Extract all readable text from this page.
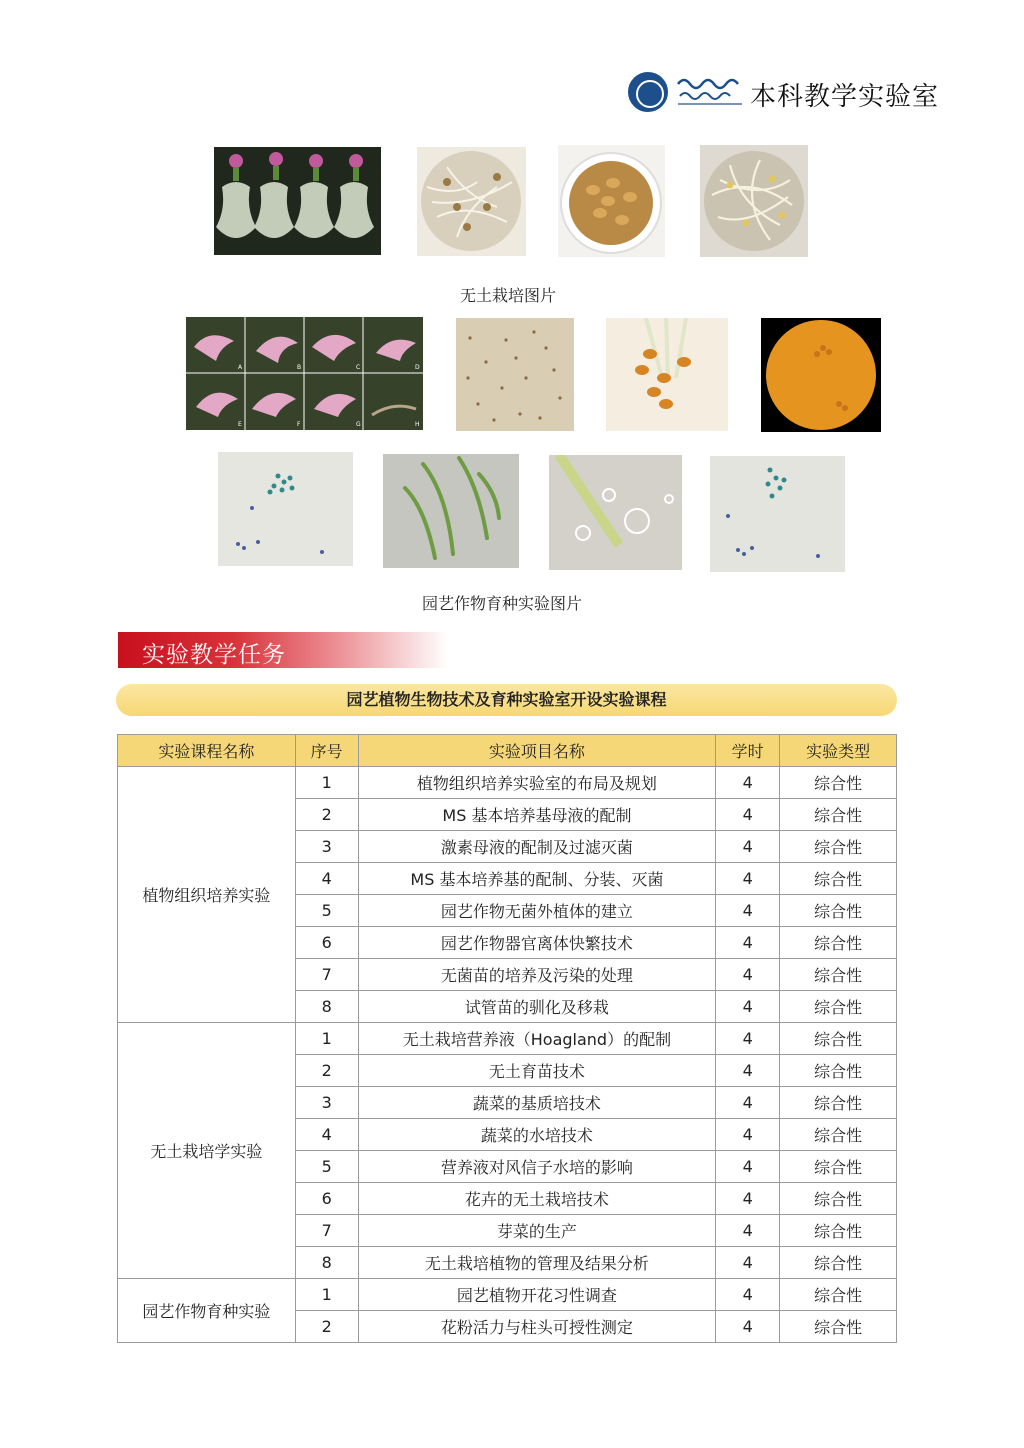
本科教学实验室
无土栽培图片
A	B	C	D
E	F	G	H
园艺作物育种实验图片
实验教学任务
园艺植物生物技术及育种实验室开设实验课程
实验课程名称	序号	实验项目名称	学时	实验类型
植物组织培养实验	1	植物组织培养实验室的布局及规划	4	综合性
	2	MS 基本培养基母液的配制	4	综合性
	3	激素母液的配制及过滤灭菌	4	综合性
	4	MS 基本培养基的配制、分装、灭菌	4	综合性
	5	园艺作物无菌外植体的建立	4	综合性
	6	园艺作物器官离体快繁技术	4	综合性
	7	无菌苗的培养及污染的处理	4	综合性
	8	试管苗的驯化及移栽	4	综合性
无土栽培学实验	1	无土栽培营养液（Hoagland）的配制	4	综合性
	2	无土育苗技术	4	综合性
	3	蔬菜的基质培技术	4	综合性
	4	蔬菜的水培技术	4	综合性
	5	营养液对风信子水培的影响	4	综合性
	6	花卉的无土栽培技术	4	综合性
	7	芽菜的生产	4	综合性
	8	无土栽培植物的管理及结果分析	4	综合性
园艺作物育种实验	1	园艺植物开花习性调查	4	综合性
	2	花粉活力与柱头可授性测定	4	综合性
